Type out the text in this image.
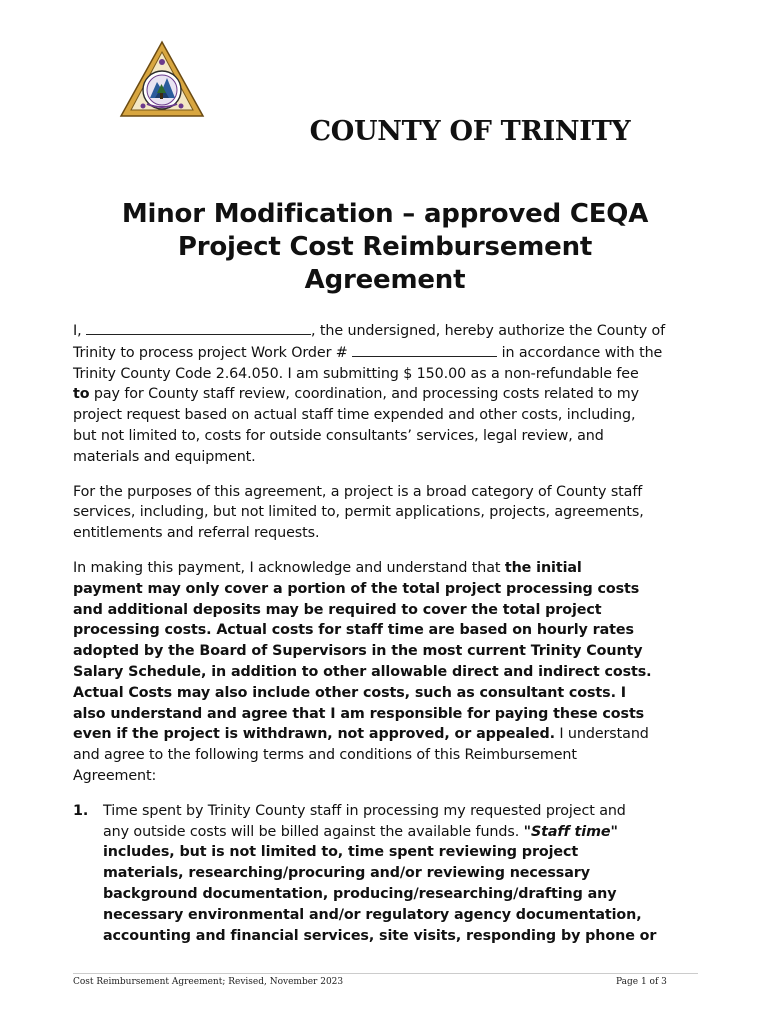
COUNTY OF TRINITY
Minor Modification – approved CEQA
Project Cost Reimbursement
Agreement

I,	, the undersigned, hereby authorize the County of
Trinity to process project Work Order #	in accordance with the
Trinity County Code 2.64.050. I am submitting $ 150.00 as a non-refundable fee
to pay for County staff review, coordination, and processing costs related to my
project request based on actual staff time expended and other costs, including,
but not limited to, costs for outside consultants’ services, legal review, and
materials and equipment.

For the purposes of this agreement, a project is a broad category of County staff
services, including, but not limited to, permit applications, projects, agreements,
entitlements and referral requests.

In making this payment, I acknowledge and understand that the initial
payment may only cover a portion of the total project processing costs
and additional deposits may be required to cover the total project
processing costs. Actual costs for staff time are based on hourly rates
adopted by the Board of Supervisors in the most current Trinity County
Salary Schedule, in addition to other allowable direct and indirect costs.
Actual Costs may also include other costs, such as consultant costs. I
also understand and agree that I am responsible for paying these costs
even if the project is withdrawn, not approved, or appealed. I understand
and agree to the following terms and conditions of this Reimbursement
Agreement:

1. Time spent by Trinity County staff in processing my requested project and
any outside costs will be billed against the available funds. "Staff time"
includes, but is not limited to, time spent reviewing project
materials, researching/procuring and/or reviewing necessary
background documentation, producing/researching/drafting any
necessary environmental and/or regulatory agency documentation,
accounting and financial services, site visits, responding by phone or
Cost Reimbursement Agreement; Revised, November 2023	Page 1 of 3
